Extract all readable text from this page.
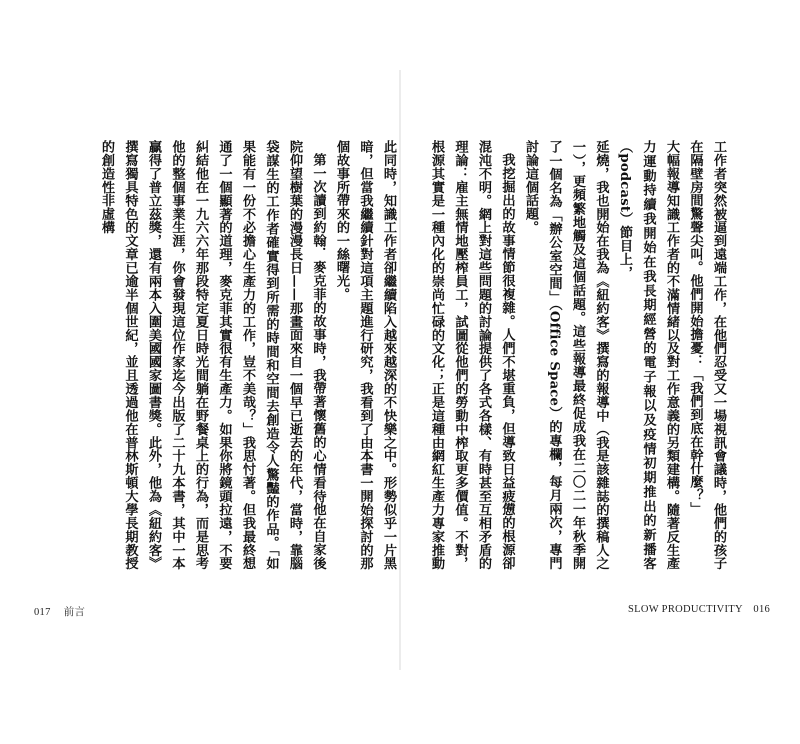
此同時，知識工作者卻繼續陷入越來越深的不快樂之中。形勢似乎一片黑暗，但當我繼續針對這項主題進行研究，我看到了由本書一開始探討的那個故事所帶來的一絲曙光。

第一次讀到約翰．麥克菲的故事時，我帶著懷舊的心情看待他在自家後院仰望樹葉的漫漫長日——那畫面來自一個早已逝去的年代，當時，靠腦袋謀生的工作者確實得到所需的時間和空間去創造令人驚豔的作品。「如果能有一份不必擔心生產力的工作，豈不美哉？」我思忖著。但我最終想通了一個顯著的道理，麥克菲其實很有生產力。如果你將鏡頭拉遠，不要糾結他在一九六六年那段特定夏日時光間躺在野餐桌上的行為，而是思考他的整個事業生涯，你會發現這位作家迄今出版了二十九本書，其中一本贏得了普立茲獎，還有兩本入圍美國國家圖書獎。此外，他為《紐約客》撰寫獨具特色的文章已逾半個世紀，並且透過他在普林斯頓大學長期教授的創造性非虛構	工作者突然被逼到遠端工作，在他們忍受又一場視訊會議時，他們的孩子在隔壁房間驚聲尖叫。他們開始擔憂：「我們到底在幹什麼？」

大幅報導知識工作者的不滿情緒以及對工作意義的另類建構。隨著反生產力運動持續我開始在我長期經營的電子報以及疫情初期推出的新播客（podcast）節目上，

延燒，我也開始在我為《紐約客》撰寫的報導中（我是該雜誌的撰稿人之一），更頻繁地觸及這個話題。這些報導最終促成我在二〇二一年秋季開了一個名為「辦公室空間」（Office Space）的專欄，每月兩次，專門討論這個話題。

我挖掘出的故事情節很複雜。人們不堪重負，但導致日益疲憊的根源卻混沌不明。網上對這些問題的討論提供了各式各樣、有時甚至互相矛盾的理論：雇主無情地壓榨員工，試圖從他們的勞動中榨取更多價值。不對，根源其實是一種內化的崇尚忙碌的文化；正是這種由網紅生產力專家推動

017 前言	SLOW PRODUCTIVITY 016
